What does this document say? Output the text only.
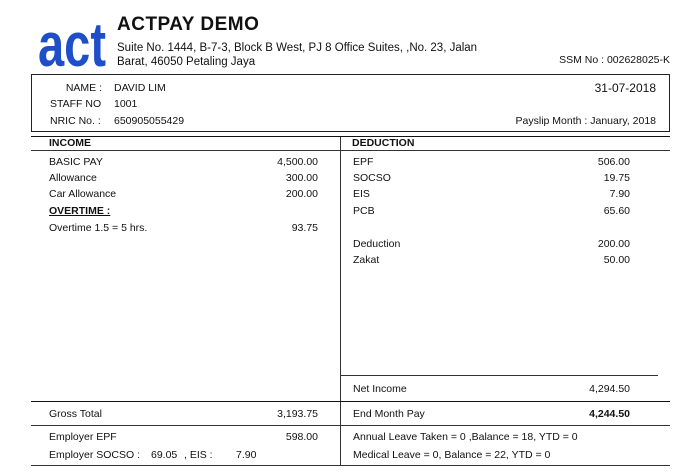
act ACTPAY DEMO
Suite No. 1444, B-7-3, Block B West, PJ 8 Office Suites, ,No. 23, Jalan
Barat, 46050 Petaling Jaya	SSM No : 002628025-K
NAME : DAVID LIM
STAFF NO 1001
NRIC No. : 650905055429
31-07-2018
Payslip Month : January, 2018
INCOME	DEDUCTION
BASIC PAY	4,500.00
Allowance	300.00
Car Allowance	200.00
OVERTIME :
Overtime 1.5 = 5 hrs.	93.75
EPF	506.00
SOCSO	19.75
EIS	7.90
PCB	65.60
Deduction	200.00
Zakat	50.00
Net Income	4,294.50
Gross Total	3,193.75	End Month Pay	4,244.50
Employer EPF	598.00
Employer SOCSO : 69.05 , EIS : 7.90
Annual Leave Taken = 0 ,Balance = 18, YTD = 0
Medical Leave = 0, Balance = 22, YTD = 0
